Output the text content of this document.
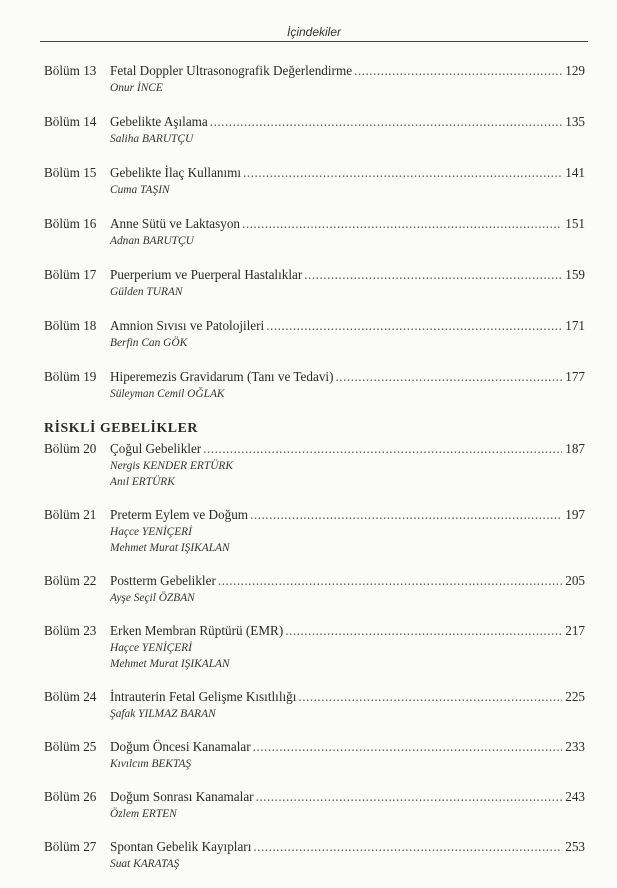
İçindekiler
Bölüm 13	Fetal Doppler Ultrasonografik Değerlendirme .....	129
Onur İNCE
Bölüm 14	Gebelikte Aşılama .....	135
Saliha BARUTÇU
Bölüm 15	Gebelikte İlaç Kullanımı .....	141
Cuma TAŞIN
Bölüm 16	Anne Sütü ve Laktasyon .....	151
Adnan BARUTÇU
Bölüm 17	Puerperium ve Puerperal Hastalıklar .....	159
Gülden TURAN
Bölüm 18	Amnion Sıvısı ve Patolojileri .....	171
Berfin Can GÖK
Bölüm 19	Hiperemezis Gravidarum (Tanı ve Tedavi) .....	177
Süleyman Cemil OĞLAK
RİSKLİ GEBELİKLER
Bölüm 20	Çoğul Gebelikler .....	187
Nergis KENDER ERTÜRK
Anıl ERTÜRK
Bölüm 21	Preterm Eylem ve Doğum .....	197
Haçce YENİÇERİ
Mehmet Murat IŞIKALAN
Bölüm 22	Postterm Gebelikler .....	205
Ayşe Seçil ÖZBAN
Bölüm 23	Erken Membran Rüptürü (EMR) .....	217
Haçce YENİÇERİ
Mehmet Murat IŞIKALAN
Bölüm 24	İntrauterin Fetal Gelişme Kısıtlılığı .....	225
Şafak YILMAZ BARAN
Bölüm 25	Doğum Öncesi Kanamalar .....	233
Kıvılcım BEKTAŞ
Bölüm 26	Doğum Sonrası Kanamalar .....	243
Özlem ERTEN
Bölüm 27	Spontan Gebelik Kayıpları .....	253
Suat KARATAŞ
